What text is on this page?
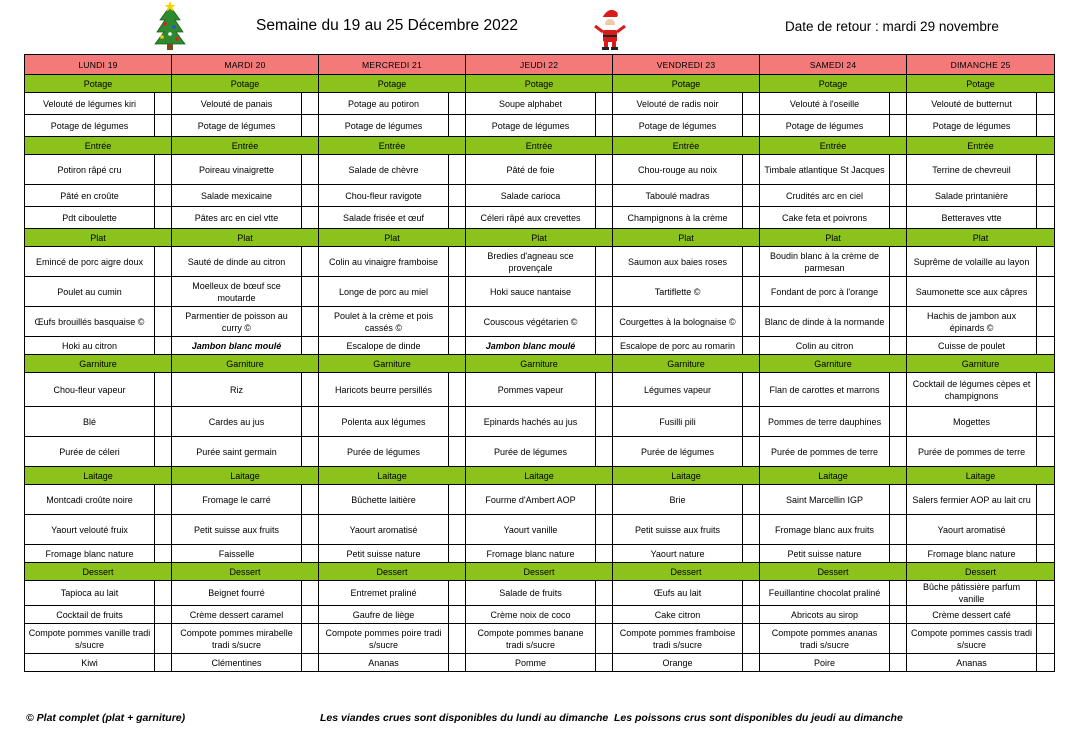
Semaine du 19 au 25 Décembre 2022	Date de retour : mardi 29 novembre
LUNDI 19		MARDI 20		MERCREDI 21		JEUDI 22		VENDREDI 23		SAMEDI 24		DIMANCHE 25	
Potage		Potage		Potage		Potage		Potage		Potage		Potage	
Velouté de légumes kiri		Velouté de panais		Potage au potiron		Soupe alphabet		Velouté de radis noir		Velouté à l'oseille		Velouté de butternut	
Potage de légumes		Potage de légumes		Potage de légumes		Potage de légumes		Potage de légumes		Potage de légumes		Potage de légumes	
Entrée		Entrée		Entrée		Entrée		Entrée		Entrée		Entrée	
Potiron râpé cru		Poireau vinaigrette		Salade de chèvre		Pâté de foie		Chou-rouge au noix		Timbale atlantique St Jacques		Terrine de chevreuil	
Pâté en croûte		Salade mexicaine		Chou-fleur ravigote		Salade carioca		Taboulé madras		Crudités arc en ciel		Salade printanière	
Pdt ciboulette		Pâtes arc en ciel vtte		Salade frisée et œuf		Céleri râpé aux crevettes		Champignons à la crème		Cake feta et poivrons		Betteraves vtte	
Plat		Plat		Plat		Plat		Plat		Plat		Plat	
Emincé de porc aigre doux		Sauté de dinde au citron		Colin au vinaigre framboise		Bredies d'agneau sce provençale		Saumon aux baies roses		Boudin blanc à la crème de parmesan		Suprême de volaille au layon	
Poulet au cumin		Moelleux de bœuf sce moutarde		Longe de porc au miel		Hoki sauce nantaise		Tartiflette ©		Fondant de porc à l'orange		Saumonette sce aux câpres	
Œufs brouillés basquaise ©		Parmentier de poisson au curry ©		Poulet à la crème et pois cassés ©		Couscous végétarien ©		Courgettes à la bolognaise ©		Blanc de dinde à la normande		Hachis de jambon aux épinards ©	
Hoki au citron		Jambon blanc moulé		Escalope de dinde		Jambon blanc moulé		Escalope de porc au romarin		Colin au citron		Cuisse de poulet	
Garniture		Garniture		Garniture		Garniture		Garniture		Garniture		Garniture	
Chou-fleur vapeur		Riz		Haricots beurre persillés		Pommes vapeur		Légumes vapeur		Flan de carottes et marrons		Cocktail de légumes cèpes et champignons	
Blé		Cardes au jus		Polenta aux légumes		Epinards hachés au jus		Fusilli pili		Pommes de terre dauphines		Mogettes	
Purée de céleri		Purée saint germain		Purée de légumes		Purée de légumes		Purée de légumes		Purée de pommes de terre		Purée de pommes de terre	
Laitage		Laitage		Laitage		Laitage		Laitage		Laitage		Laitage	
Montcadi croûte noire		Fromage le carré		Bûchette laitière		Fourme d'Ambert AOP		Brie		Saint Marcellin IGP		Salers fermier AOP au lait cru	
Yaourt velouté fruix		Petit suisse aux fruits		Yaourt aromatisé		Yaourt vanille		Petit suisse aux fruits		Fromage blanc aux fruits		Yaourt aromatisé	
Fromage blanc nature		Faisselle		Petit suisse nature		Fromage blanc nature		Yaourt nature		Petit suisse nature		Fromage blanc nature	
Dessert		Dessert		Dessert		Dessert		Dessert		Dessert		Dessert	
Tapioca au lait		Beignet fourré		Entremet praliné		Salade de fruits		Œufs au lait		Feuillantine chocolat praliné		Bûche pâtissière parfum vanille	
Cocktail de fruits		Crème dessert caramel		Gaufre de liège		Crème noix de coco		Cake citron		Abricots au sirop		Crème dessert café	
Compote pommes vanille tradi s/sucre		Compote pommes mirabelle tradi s/sucre		Compote pommes poire tradi s/sucre		Compote pommes banane tradi s/sucre		Compote pommes framboise tradi s/sucre		Compote pommes ananas tradi s/sucre		Compote pommes cassis tradi s/sucre	
Kiwi		Clémentines		Ananas		Pomme		Orange		Poire		Ananas	
© Plat complet (plat + garniture)	Les viandes crues sont disponibles du lundi au dimanche Les poissons crus sont disponibles du jeudi au dimanche
